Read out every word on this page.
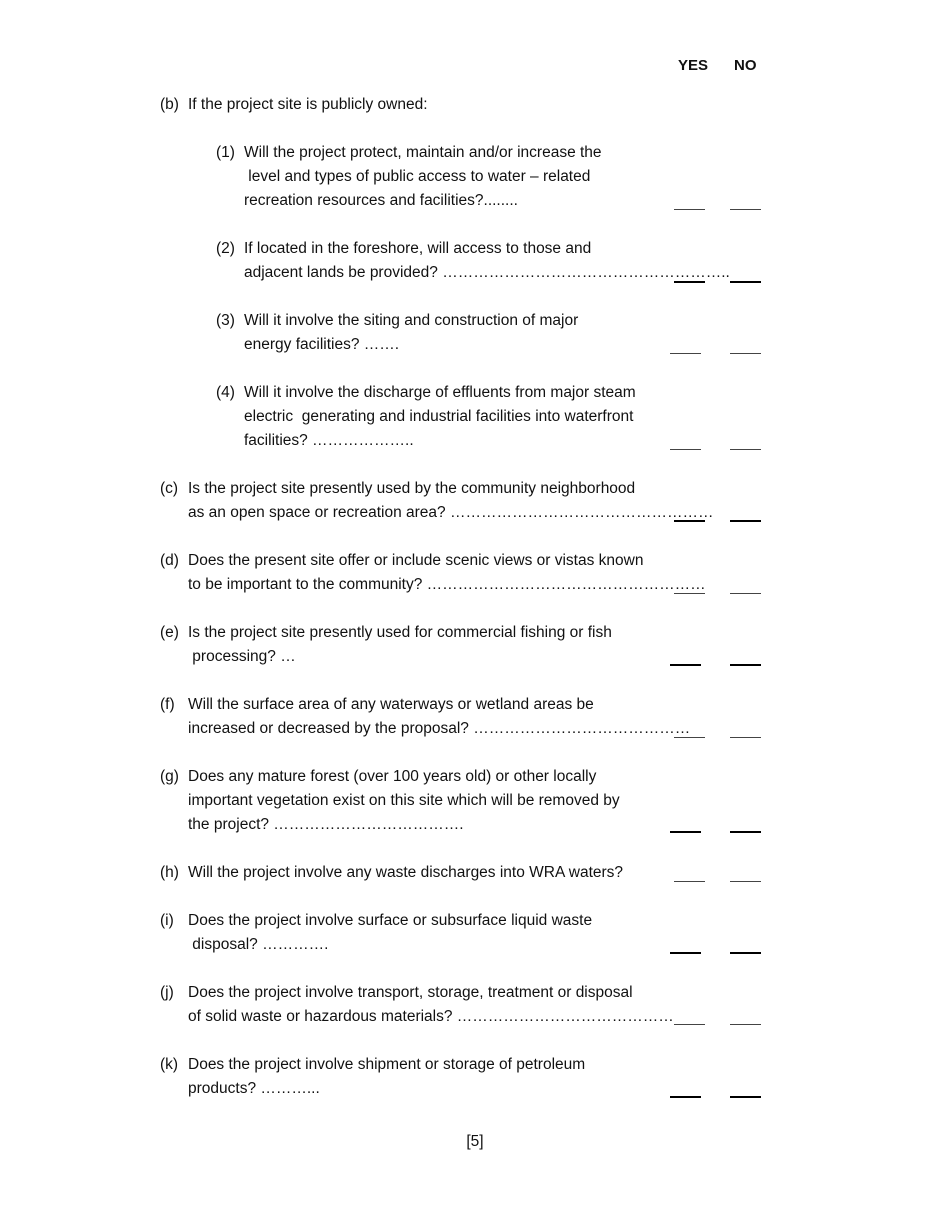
YES NO
(b) If the project site is publicly owned:
(1) Will the project protect, maintain and/or increase the
level and types of public access to water – related
recreation resources and facilities?........
(2) If located in the foreshore, will access to those and
adjacent lands be provided? ………………………………………………..
(3) Will it involve the siting and construction of major
energy facilities? …….
(4) Will it involve the discharge of effluents from major steam
electric  generating and industrial facilities into waterfront
facilities? ………………..
(c) Is the project site presently used by the community neighborhood
as an open space or recreation area? ……………………………………………
(d) Does the present site offer or include scenic views or vistas known
to be important to the community? ………………………………………………
(e) Is the project site presently used for commercial fishing or fish
processing? …
(f) Will the surface area of any waterways or wetland areas be
increased or decreased by the proposal? ……………………………………
(g) Does any mature forest (over 100 years old) or other locally
important vegetation exist on this site which will be removed by
the project? ……………………………….
(h) Will the project involve any waste discharges into WRA waters?
(i) Does the project involve surface or subsurface liquid waste
disposal? ………….
(j) Does the project involve transport, storage, treatment or disposal
of solid waste or hazardous materials? ……………………………………
(k) Does the project involve shipment or storage of petroleum
products? ………...
[5]
